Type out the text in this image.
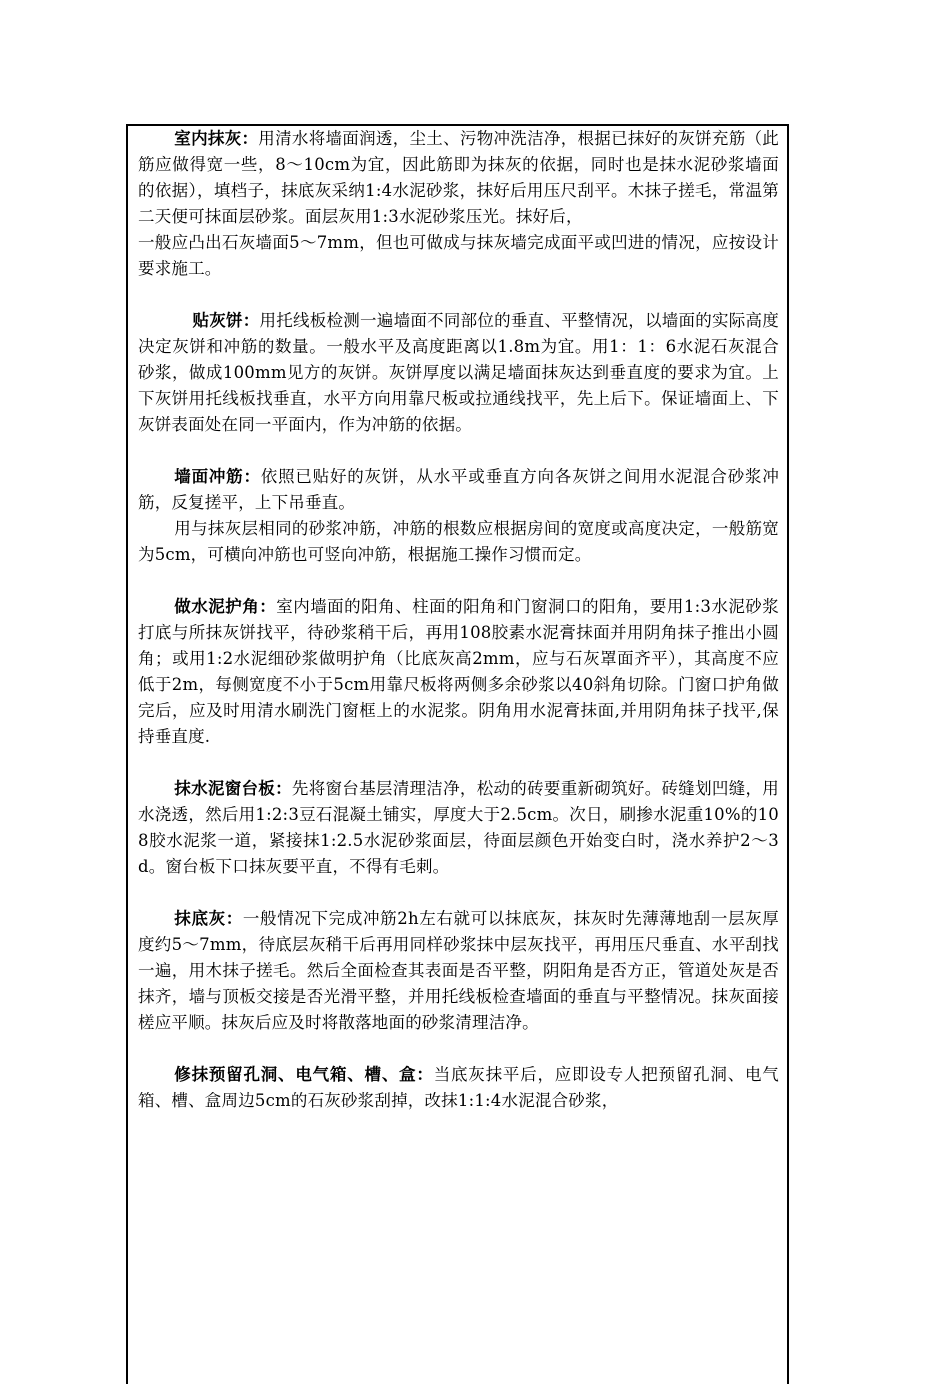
室内抹灰：用清水将墙面润透，尘土、污物冲洗洁净，根据已抹好的灰饼充筋（此筋应做得宽一些，8～10cm为宜，因此筋即为抹灰的依据，同时也是抹水泥砂浆墙面的依据），填档子，抹底灰采纳1:4水泥砂浆，抹好后用压尺刮平。木抹子搓毛，常温第二天便可抹面层砂浆。面层灰用1:3水泥砂浆压光。抹好后，

一般应凸出石灰墙面5～7mm，但也可做成与抹灰墙完成面平或凹进的情况，应按设计要求施工。

贴灰饼：用托线板检测一遍墙面不同部位的垂直、平整情况，以墙面的实际高度决定灰饼和冲筋的数量。一般水平及高度距离以1.8m为宜。用1：1：6水泥石灰混合砂浆，做成100mm见方的灰饼。灰饼厚度以满足墙面抹灰达到垂直度的要求为宜。上下灰饼用托线板找垂直，水平方向用靠尺板或拉通线找平，先上后下。保证墙面上、下灰饼表面处在同一平面内，作为冲筋的依据。

墙面冲筋：依照已贴好的灰饼，从水平或垂直方向各灰饼之间用水泥混合砂浆冲筋，反复搓平，上下吊垂直。

用与抹灰层相同的砂浆冲筋，冲筋的根数应根据房间的宽度或高度决定，一般筋宽为5cm，可横向冲筋也可竖向冲筋，根据施工操作习惯而定。

做水泥护角：室内墙面的阳角、柱面的阳角和门窗洞口的阳角，要用1:3水泥砂浆打底与所抹灰饼找平，待砂浆稍干后，再用108胶素水泥膏抹面并用阴角抹子推出小圆角；或用1:2水泥细砂浆做明护角（比底灰高2mm，应与石灰罩面齐平），其高度不应低于2m，每侧宽度不小于5cm用靠尺板将两侧多余砂浆以40斜角切除。门窗口护角做完后，应及时用清水刷洗门窗框上的水泥浆。阴角用水泥膏抹面,并用阴角抹子找平,保持垂直度.

抹水泥窗台板：先将窗台基层清理洁净，松动的砖要重新砌筑好。砖缝划凹缝，用水浇透，然后用1:2:3豆石混凝土铺实，厚度大于2.5cm。次日，刷掺水泥重10%的108胶水泥浆一道，紧接抹1:2.5水泥砂浆面层，待面层颜色开始变白时，浇水养护2～3d。窗台板下口抹灰要平直，不得有毛刺。

抹底灰：一般情况下完成冲筋2h左右就可以抹底灰，抹灰时先薄薄地刮一层灰厚度约5～7mm，待底层灰稍干后再用同样砂浆抹中层灰找平，再用压尺垂直、水平刮找一遍，用木抹子搓毛。然后全面检查其表面是否平整，阴阳角是否方正，管道处灰是否抹齐，墙与顶板交接是否光滑平整，并用托线板检查墙面的垂直与平整情况。抹灰面接槎应平顺。抹灰后应及时将散落地面的砂浆清理洁净。

修抹预留孔洞、电气箱、槽、盒：当底灰抹平后，应即设专人把预留孔洞、电气箱、槽、盒周边5cm的石灰砂浆刮掉，改抹1:1:4水泥混合砂浆，
